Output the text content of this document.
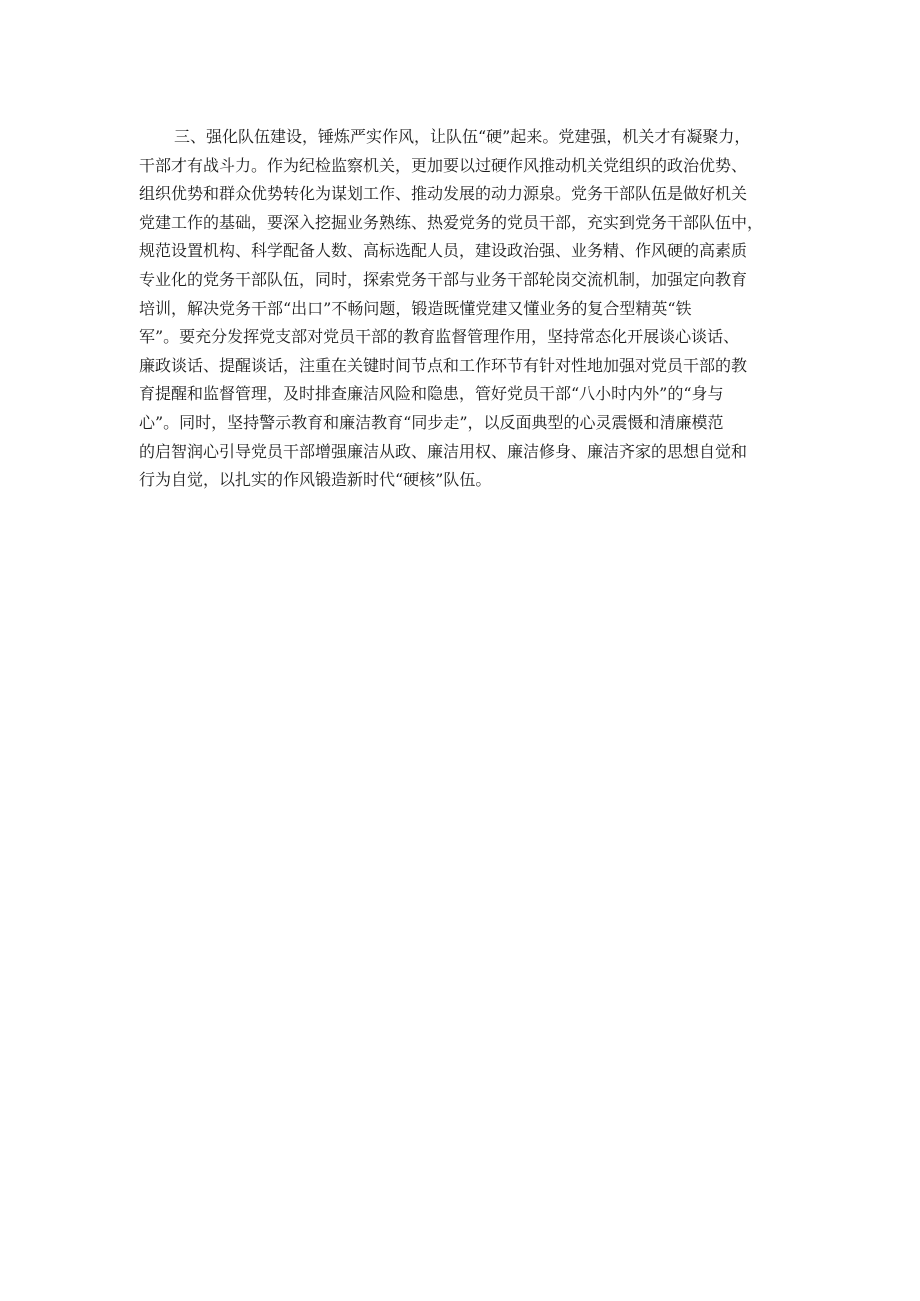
三、强化队伍建设，锤炼严实作风，让队伍“硬”起来。党建强，机关才有凝聚力，
干部才有战斗力。作为纪检监察机关，更加要以过硬作风推动机关党组织的政治优势、
组织优势和群众优势转化为谋划工作、推动发展的动力源泉。党务干部队伍是做好机关
党建工作的基础，要深入挖掘业务熟练、热爱党务的党员干部，充实到党务干部队伍中，
规范设置机构、科学配备人数、高标选配人员，建设政治强、业务精、作风硬的高素质
专业化的党务干部队伍，同时，探索党务干部与业务干部轮岗交流机制，加强定向教育
培训，解决党务干部“出口”不畅问题，锻造既懂党建又懂业务的复合型精英“铁
军”。要充分发挥党支部对党员干部的教育监督管理作用，坚持常态化开展谈心谈话、
廉政谈话、提醒谈话，注重在关键时间节点和工作环节有针对性地加强对党员干部的教
育提醒和监督管理，及时排查廉洁风险和隐患，管好党员干部“八小时内外”的“身与
心”。同时，坚持警示教育和廉洁教育“同步走”，以反面典型的心灵震慑和清廉模范
的启智润心引导党员干部增强廉洁从政、廉洁用权、廉洁修身、廉洁齐家的思想自觉和
行为自觉，以扎实的作风锻造新时代“硬核”队伍。
